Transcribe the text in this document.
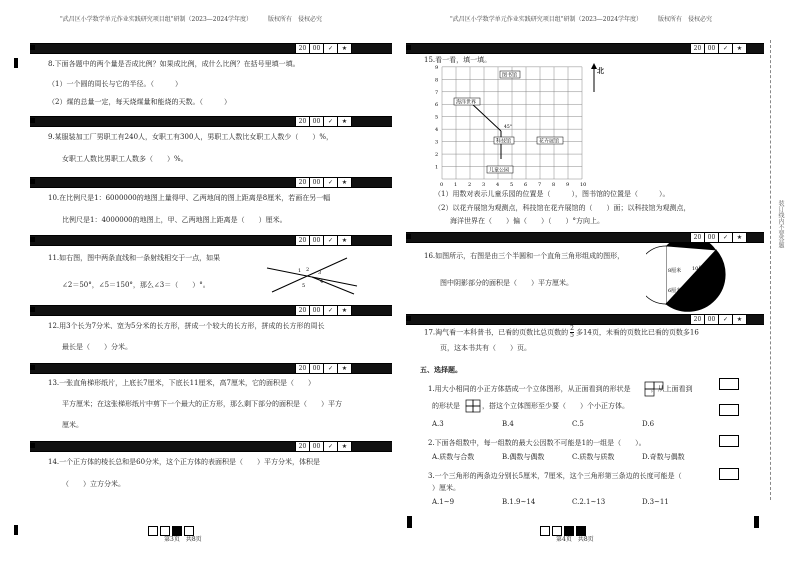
"武昌区小学数学单元作业实践研究项目组"研制（2023—2024学年度）	版权所有　侵权必究
20	00	✓	★
8.下面各题中的两个量是否成比例？如果成比例，成什么比例？在括号里填一填。
（1）一个圆的周长与它的半径。（　　　）
（2）煤的总量一定，每天烧煤量和能烧的天数。（　　　）
20	00	✓	★
9.某服装加工厂男职工有240人，女职工有300人，男职工人数比女职工人数少（　　）%，
女职工人数比男职工人数多（　　）%。
20	00	✓	★
10.在比例尺是1：6000000的地图上量得甲、乙两地间的图上距离是8厘米，若画在另一幅
比例尺是1：4000000的地图上，甲、乙两地图上距离是（　　）厘米。
20	00	✓	★
11.如右图，图中两条直线和一条射线相交于一点，如果
∠2＝50°，∠5＝150°，那么∠3＝（　　）°。
1 2 3
4
5
20	00	✓	★
12.用3个长为7分米、宽为5分米的长方形，拼成一个较大的长方形，拼成的长方形的周长
最长是（　　）分米。
20	00	✓	★
13.一张直角梯形纸片，上底长7厘米，下底长11厘米，高7厘米，它的面积是（　　）
平方厘米；在这张梯形纸片中剪下一个最大的正方形，那么剩下部分的面积是（　　）平方
厘米。
20	00	✓	★
14.一个正方体的棱长总和是60分米，这个正方体的表面积是（　　）平方分米，体积是
（　　）立方分米。
第3页　共8页
"武昌区小学数学单元作业实践研究项目组"研制（2023—2024学年度）	版权所有　侵权必究
20	00	✓	★
15.看一看，填一填。
0 1 2 3 4 5 6 7 8 9 10
1
2
3
4
5
6
7
8
9
45°
图书馆
海洋世界
科技馆	花卉展馆
儿童公园
北
（1）用数对表示儿童乐园的位置是（　　　），图书馆的位置是（　　　）。
（2）以花卉展馆为观测点，科技馆在花卉展馆的（　　）面；以科技馆为观测点，
海洋世界在（　　）偏（　　）（　　）°方向上。
20	00	✓	★
16.如图所示，右图是由三个半圆和一个直角三角形组成的图形，
图中阴影部分的面积是（　　）平方厘米。
8厘米 10厘米
6厘米
20	00	✓	★
17.淘气看一本科普书，已看的页数比总页数的 $\frac{2}{5}$ 多14页，未看的页数比已看的页数多16
页，这本书共有（　　）页。
五、选择题。
1.用大小相同的小正方体搭成一个立体图形，从正面看到的形状是	，从上面看到
的形状是	，搭这个立体图形至少要（　　）个小正方体。
A.3	B.4	C.5	D.6
2.下面各组数中，每一组数的最大公因数不可能是1的一组是（　　）。
A.质数与合数	B.偶数与偶数	C.质数与质数	D.奇数与偶数
3.一个三角形的两条边分别长5厘米，7厘米，这个三角形第三条边的长度可能是（
）厘米。
A.1~9	B.1.9~14	C.2.1~13	D.3~11
第4页　共8页
装订线内不要答题
